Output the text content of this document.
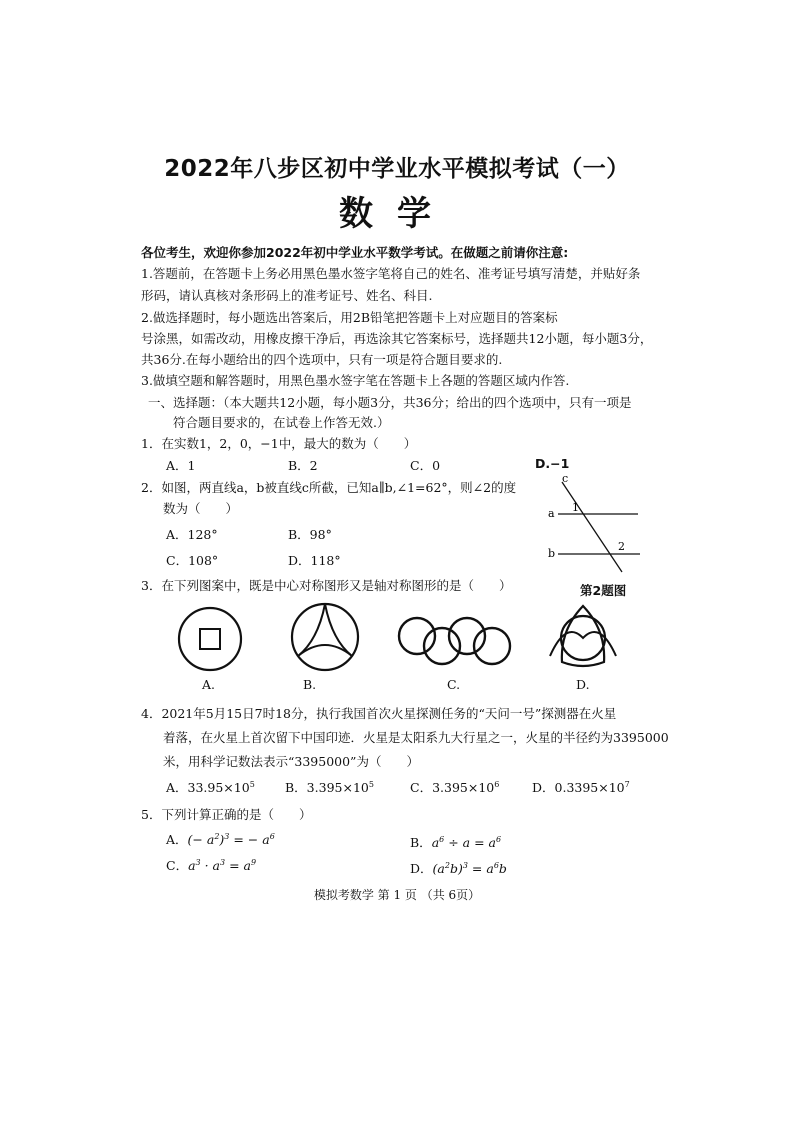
2022年八步区初中学业水平模拟考试（一）
数学
各位考生，欢迎你参加2022年初中学业水平数学考试。在做题之前请你注意:
1.答题前，在答题卡上务必用黑色墨水签字笔将自己的姓名、准考证号填写清楚，并贴好条
形码，请认真核对条形码上的准考证号、姓名、科目.
2.做选择题时，每小题选出答案后，用2B铅笔把答题卡上对应题目的答案标
号涂黑，如需改动，用橡皮擦干净后，再选涂其它答案标号，选择题共12小题，每小题3分，
共36分.在每小题给出的四个选项中，只有一项是符合题目要求的.
3.做填空题和解答题时，用黑色墨水签字笔在答题卡上各题的答题区域内作答.
一、选择题：（本大题共12小题，每小题3分，共36分；给出的四个选项中，只有一项是
符合题目要求的，在试卷上作答无效.）
1．在实数1，2，0，−1中，最大的数为（　　）
A．1	B．2	C．0	D.−1
2．如图，两直线a，b被直线c所截，已知a∥b,∠1=62°，则∠2的度
数为（　　）
A．128°	B．98°
C．108°	D．118°
c
a
b
1
2
第2题图
3．在下列图案中，既是中心对称图形又是轴对称图形的是（　　）
A.	B.	C.	D.
4．2021年5月15日7时18分，执行我国首次火星探测任务的“天问一号”探测器在火星
着落，在火星上首次留下中国印迹．火星是太阳系九大行星之一，火星的半径约为3395000
米，用科学记数法表示“3395000”为（　　）
A．$33.95\times 10^5$ B．$3.395\times 10^5$	C．$3.395\times 10^6$	D．$0.3395\times 10^7$
5．下列计算正确的是（　　）
A．(− $a^2)^3$ = − $a^6$	B．$a^6 \div a = a^6$
C．$a^3 \cdot a^3 = a^9$	D．$(a^2b)^3 = a^6b$
模拟考数学 第 1 页 （共 6页）
